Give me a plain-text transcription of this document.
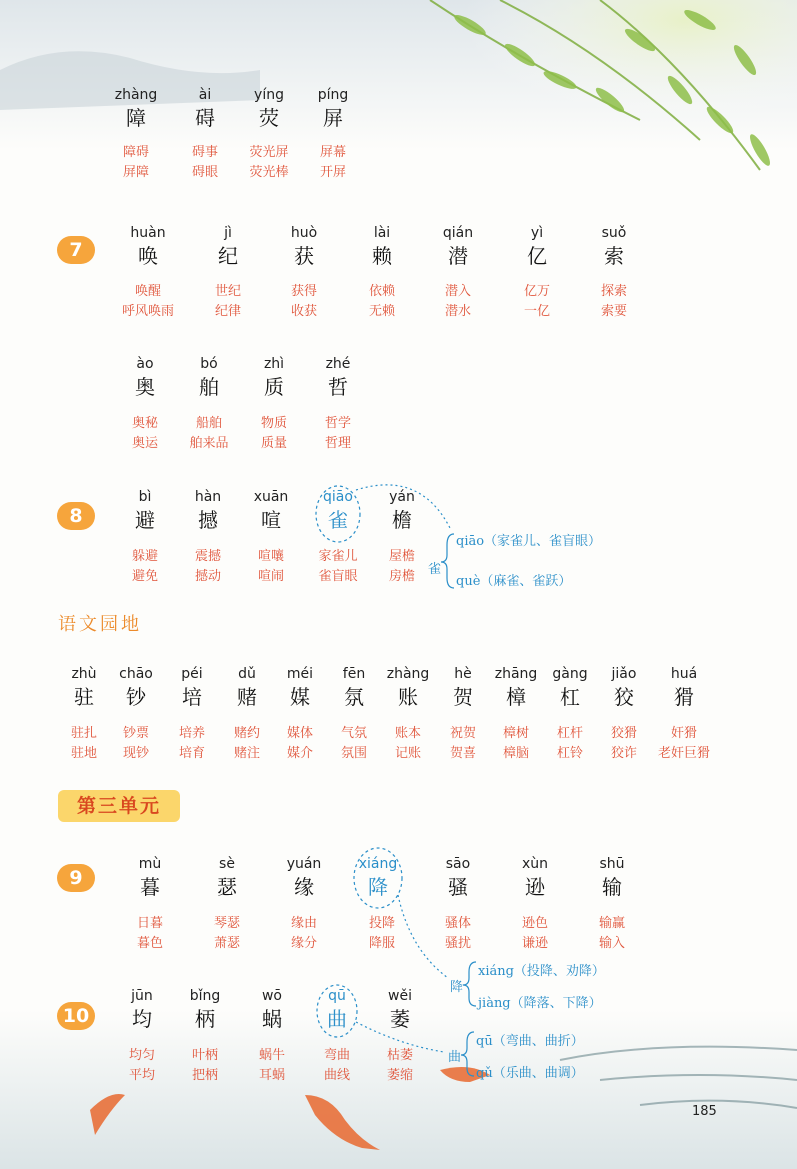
zhàng
障
ài
碍
yíng
荧
píng
屏
障碍
屏障
碍事
碍眼
荧光屏
荧光棒
屏幕
开屏
7
huàn
唤
jì
纪
huò
获
lài
赖
qián
潜
yì
亿
suǒ
索
唤醒
呼风唤雨
世纪
纪律
获得
收获
依赖
无赖
潜入
潜水
亿万
一亿
探索
索要
ào
奥
bó
舶
zhì
质
zhé
哲
奥秘
奥运
船舶
舶来品
物质
质量
哲学
哲理
8
bì
避
hàn
撼
xuān
喧
qiāo
雀
yán
檐
躲避
避免
震撼
撼动
喧嚷
喧闹
家雀儿
雀盲眼
屋檐
房檐	雀
qiāo（家雀儿、雀盲眼）
què（麻雀、雀跃）
语文园地
zhù
驻
chāo
钞
péi
培
dǔ
赌
méi
媒
fēn
氛
zhàng
账
hè
贺
zhāng
樟
gàng
杠
jiǎo
狡
huá
猾
驻扎
驻地
钞票
现钞
培养
培育
赌约
赌注
媒体
媒介
气氛
氛围
账本
记账
祝贺
贺喜
樟树
樟脑
杠杆
杠铃
狡猾
狡诈
奸猾
老奸巨猾
第三单元
9
mù
暮
sè
瑟
yuán
缘
xiáng
降
sāo
骚
xùn
逊
shū
输
日暮
暮色
琴瑟
萧瑟
缘由
缘分
投降
降服
骚体
骚扰
逊色
谦逊
输赢
输入
降
xiáng（投降、劝降）
jiàng（降落、下降）
10
jūn
均
bǐng
柄
wō
蜗
qū
曲
wěi
萎
均匀
平均
叶柄
把柄
蜗牛
耳蜗
弯曲
曲线
枯萎
萎缩
曲
qū（弯曲、曲折）
qǔ（乐曲、曲调）
185
